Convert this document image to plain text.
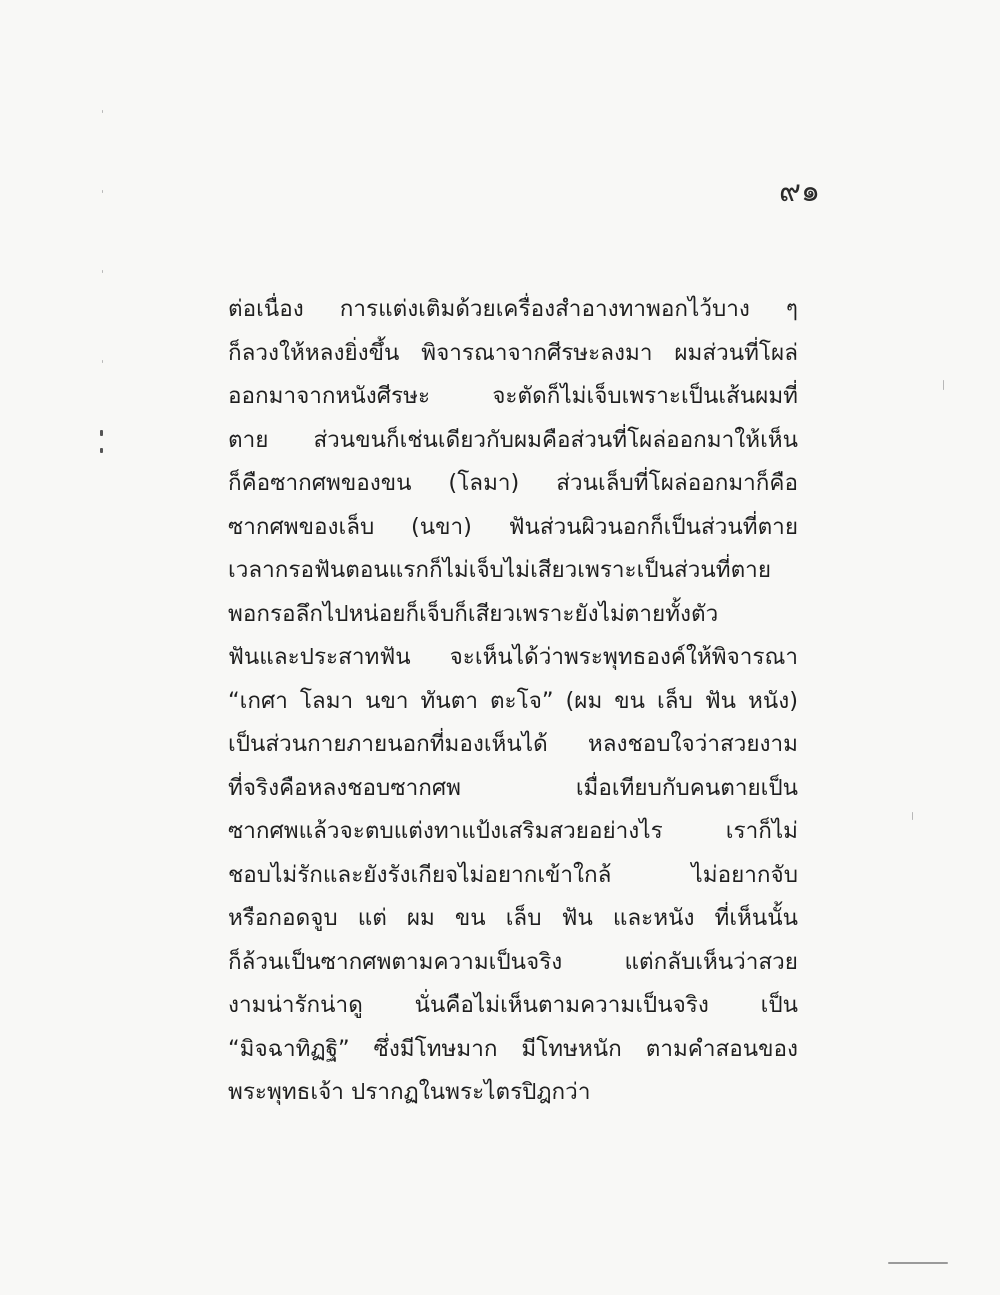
๙๑
ต่อเนื่อง การแต่งเติมด้วยเครื่องสำอางทาพอกไว้บาง ๆ
ก็ลวงให้หลงยิ่งขึ้น พิจารณาจากศีรษะลงมา ผมส่วนที่โผล่
ออกมาจากหนังศีรษะ จะตัดก็ไม่เจ็บเพราะเป็นเส้นผมที่
ตาย ส่วนขนก็เช่นเดียวกับผมคือส่วนที่โผล่ออกมาให้เห็น
ก็คือซากศพของขน (โลมา) ส่วนเล็บที่โผล่ออกมาก็คือ
ซากศพของเล็บ (นขา) ฟันส่วนผิวนอกก็เป็นส่วนที่ตาย
เวลากรอฟันตอนแรกก็ไม่เจ็บไม่เสียวเพราะเป็นส่วนที่ตาย
พอกรอลึกไปหน่อยก็เจ็บก็เสียวเพราะยังไม่ตายทั้งตัว
ฟันและประสาทฟัน จะเห็นได้ว่าพระพุทธองค์ให้พิจารณา
“เกศา โลมา นขา ทันตา ตะโจ” (ผม ขน เล็บ ฟัน หนัง)
เป็นส่วนกายภายนอกที่มองเห็นได้ หลงชอบใจว่าสวยงาม
ที่จริงคือหลงชอบซากศพ เมื่อเทียบกับคนตายเป็น
ซากศพแล้วจะตบแต่งทาแป้งเสริมสวยอย่างไร เราก็ไม่
ชอบไม่รักและยังรังเกียจไม่อยากเข้าใกล้ ไม่อยากจับ
หรือกอดจูบ แต่ ผม ขน เล็บ ฟัน และหนัง ที่เห็นนั้น
ก็ล้วนเป็นซากศพตามความเป็นจริง แต่กลับเห็นว่าสวย
งามน่ารักน่าดู นั่นคือไม่เห็นตามความเป็นจริง เป็น
“มิจฉาทิฏฐิ” ซึ่งมีโทษมาก มีโทษหนัก ตามคำสอนของ
พระพุทธเจ้า ปรากฏในพระไตรปิฎกว่า
